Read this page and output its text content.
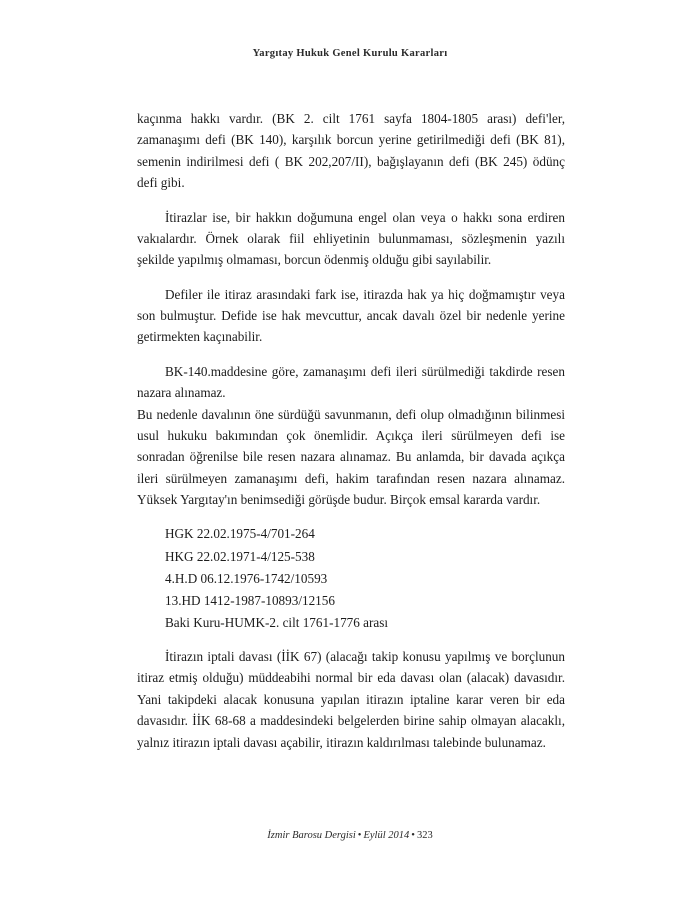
Yargıtay Hukuk Genel Kurulu Kararları

kaçınma hakkı vardır. (BK 2. cilt 1761 sayfa 1804-1805 arası) defi'ler, zamanaşımı defi (BK 140), karşılık borcun yerine getirilmediği defi (BK 81), semenin indirilmesi defi ( BK 202,207/II), bağışlayanın defi (BK 245) ödünç defi gibi.

İtirazlar ise, bir hakkın doğumuna engel olan veya o hakkı sona erdiren vakıalardır. Örnek olarak fiil ehliyetinin bulunmaması, sözleşmenin yazılı şekilde yapılmış olmaması, borcun ödenmiş olduğu gibi sayılabilir.

Defiler ile itiraz arasındaki fark ise, itirazda hak ya hiç doğmamıştır veya son bulmuştur. Defide ise hak mevcuttur, ancak davalı özel bir nedenle yerine getirmekten kaçınabilir.

BK-140.maddesine göre, zamanaşımı defi ileri sürülmediği takdirde resen nazara alınamaz.

Bu nedenle davalının öne sürdüğü savunmanın, defi olup olmadığının bilinmesi usul hukuku bakımından çok önemlidir. Açıkça ileri sürülmeyen defi ise sonradan öğrenilse bile resen nazara alınamaz. Bu anlamda, bir davada açıkça ileri sürülmeyen zamanaşımı defi, hakim tarafından resen nazara alınamaz. Yüksek Yargıtay'ın benimsediği görüşde budur. Birçok emsal kararda vardır.

HGK 22.02.1975-4/701-264
HKG 22.02.1971-4/125-538
4.H.D 06.12.1976-1742/10593
13.HD 1412-1987-10893/12156
Baki Kuru-HUMK-2. cilt 1761-1776 arası

İtirazın iptali davası (İİK 67) (alacağı takip konusu yapılmış ve borçlunun itiraz etmiş olduğu) müddeabihi normal bir eda davası olan (alacak) davasıdır. Yani takipdeki alacak konusuna yapılan itirazın iptaline karar veren bir eda davasıdır. İİK 68-68 a maddesindeki belgelerden birine sahip olmayan alacaklı, yalnız itirazın iptali davası açabilir, itirazın kaldırılması talebinde bulunamaz.

İzmir Barosu Dergisi • Eylül 2014 • 323
